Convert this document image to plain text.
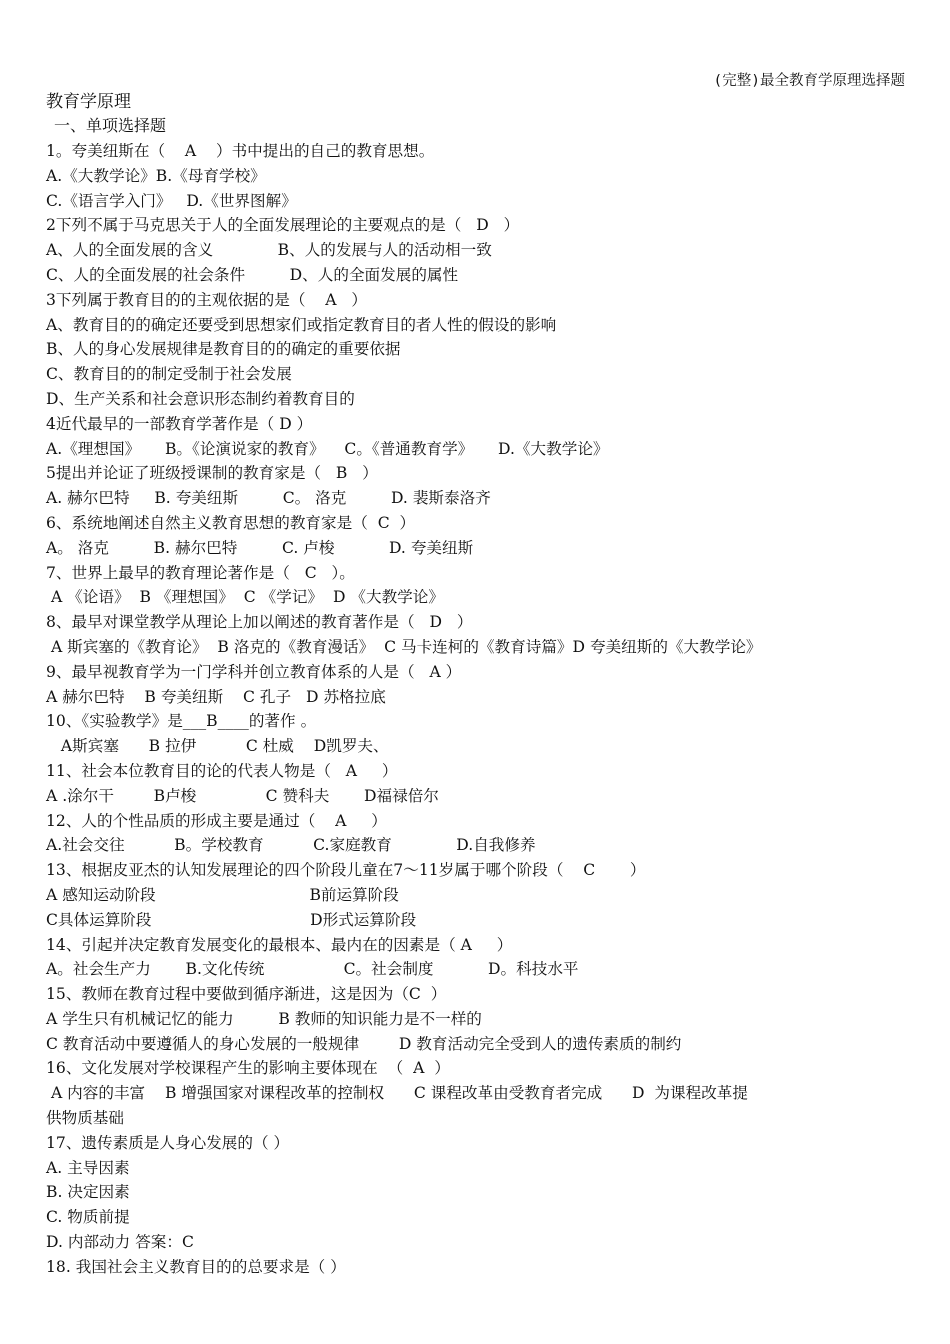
(完整)最全教育学原理选择题
教育学原理
一、单项选择题
1。夸美纽斯在（    A    ）书中提出的自己的教育思想。
A.《大教学论》B.《母育学校》
C.《语言学入门》   D.《世界图解》
2下列不属于马克思关于人的全面发展理论的主要观点的是（   D   ）
A、人的全面发展的含义             B、人的发展与人的活动相一致
C、人的全面发展的社会条件         D、人的全面发展的属性
3下列属于教育目的的主观依据的是（    A   ）
A、教育目的的确定还要受到思想家们或指定教育目的者人性的假设的影响
B、人的身心发展规律是教育目的的确定的重要依据
C、教育目的的制定受制于社会发展
D、生产关系和社会意识形态制约着教育目的
4近代最早的一部教育学著作是（ D ）
A.《理想国》     B。《论演说家的教育》    C。《普通教育学》     D.《大教学论》
5提出并论证了班级授课制的教育家是（   B   ）
A. 赫尔巴特     B. 夸美纽斯         C。 洛克         D. 裴斯泰洛齐
6、系统地阐述自然主义教育思想的教育家是（  C  ）
A。 洛克         B. 赫尔巴特         C. 卢梭           D. 夸美纽斯
7、世界上最早的教育理论著作是（   C   ）。
A 《论语》  B 《理想国》  C 《学记》  D 《大教学论》
8、最早对课堂教学从理论上加以阐述的教育著作是（   D   ）
A 斯宾塞的《教育论》  B 洛克的《教育漫话》  C 马卡连柯的《教育诗篇》D 夸美纽斯的《大教学论》
9、最早视教育学为一门学科并创立教育体系的人是（   A ）
A 赫尔巴特    B 夸美纽斯    C 孔子   D 苏格拉底
10、《实验教学》是___B____的著作 。
A斯宾塞      B 拉伊          C 杜威    D凯罗夫、
11、社会本位教育目的论的代表人物是（   A     ）
A .涂尔干        B卢梭              C 赞科夫       D福禄倍尔
12、人的个性品质的形成主要是通过（    A     ）
A.社会交往          B。学校教育          C.家庭教育             D.自我修养
13、根据皮亚杰的认知发展理论的四个阶段儿童在7～11岁属于哪个阶段（    C       ）
A 感知运动阶段                               B前运算阶段
C具体运算阶段                                D形式运算阶段
14、引起并决定教育发展变化的最根本、最内在的因素是（ A     ）
A。社会生产力       B.文化传统                C。社会制度           D。科技水平
15、教师在教育过程中要做到循序渐进，这是因为（C  ）
A 学生只有机械记忆的能力         B 教师的知识能力是不一样的
C 教育活动中要遵循人的身心发展的一般规律        D 教育活动完全受到人的遗传素质的制约
16、文化发展对学校课程产生的影响主要体现在  （  A  ）
A 内容的丰富    B 增强国家对课程改革的控制权      C 课程改革由受教育者完成      D  为课程改革提
供物质基础
17、遗传素质是人身心发展的（ ）
A. 主导因素
B. 决定因素
C. 物质前提
D. 内部动力 答案：C
18. 我国社会主义教育目的的总要求是（ ）
